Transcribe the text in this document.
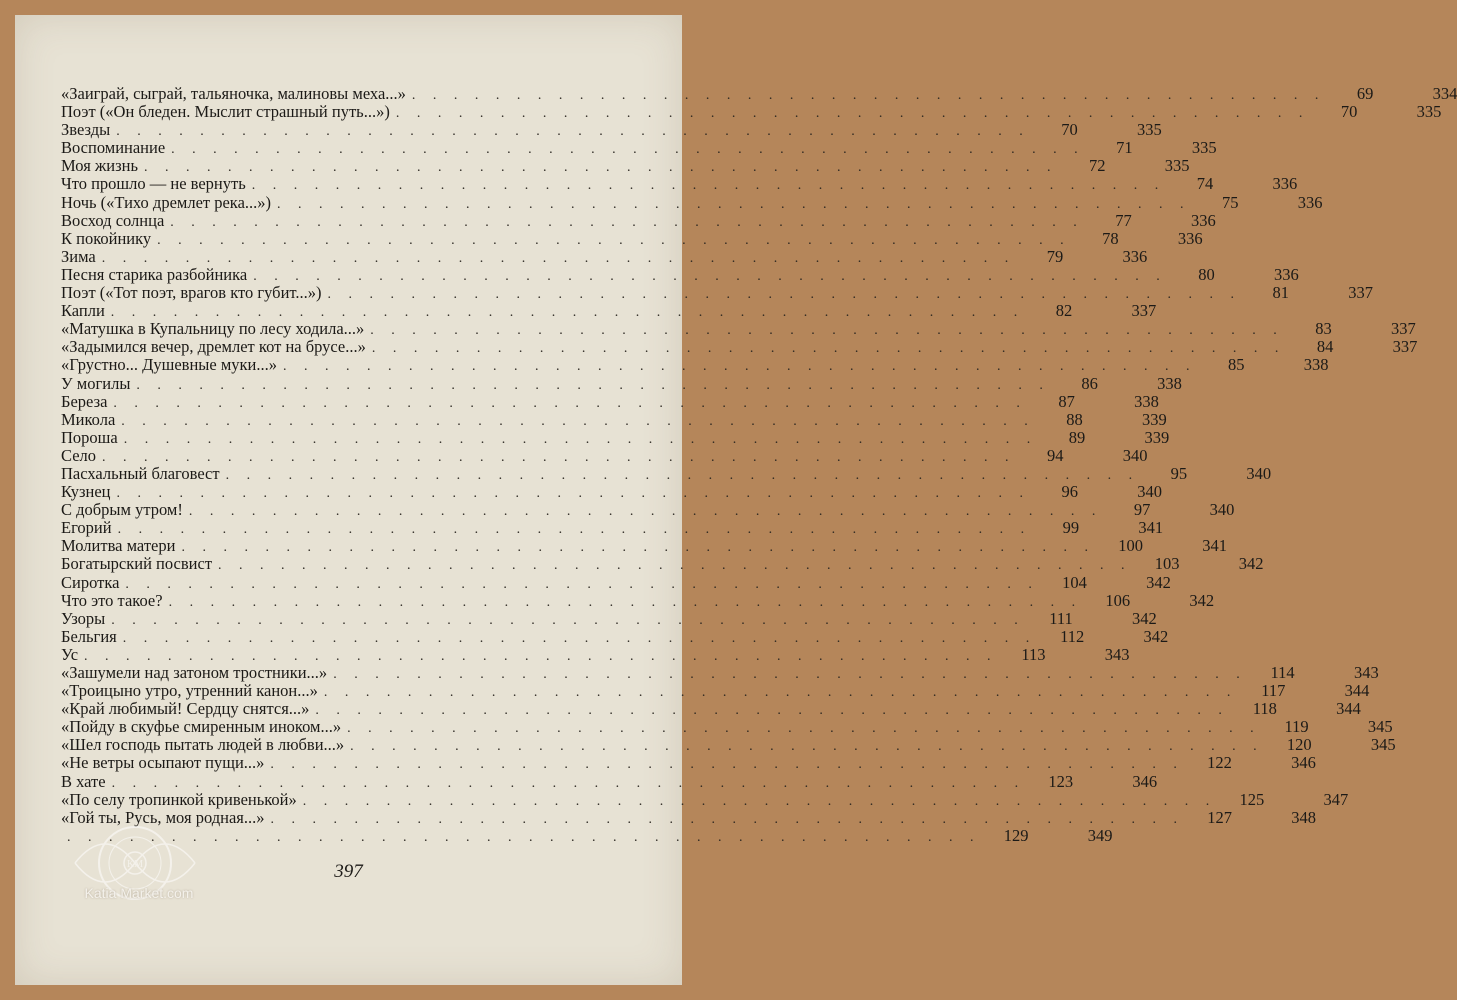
«Заиграй, сыграй, тальяночка, малиновы меха...» . . . . . . . . . . . . . . . . . . . . . . . . . . . . . . . . . . . . . . . . . . . .	69	334
Поэт («Он бледен. Мыслит страшный путь...») . . . . . . . . . . . . . . . . . . . . . . . . . . . . . . . . . . . . . . . . . . . .	70	335
Звезды . . . . . . . . . . . . . . . . . . . . . . . . . . . . . . . . . . . . . . . . . . . .	70	335
Воспоминание . . . . . . . . . . . . . . . . . . . . . . . . . . . . . . . . . . . . . . . . . . . .	71	335
Моя жизнь . . . . . . . . . . . . . . . . . . . . . . . . . . . . . . . . . . . . . . . . . . . .	72	335
Что прошло — не вернуть . . . . . . . . . . . . . . . . . . . . . . . . . . . . . . . . . . . . . . . . . . . .	74	336
Ночь («Тихо дремлет река...») . . . . . . . . . . . . . . . . . . . . . . . . . . . . . . . . . . . . . . . . . . . .	75	336
Восход солнца . . . . . . . . . . . . . . . . . . . . . . . . . . . . . . . . . . . . . . . . . . . .	77	336
К покойнику . . . . . . . . . . . . . . . . . . . . . . . . . . . . . . . . . . . . . . . . . . . .	78	336
Зима . . . . . . . . . . . . . . . . . . . . . . . . . . . . . . . . . . . . . . . . . . . .	79	336
Песня старика разбойника . . . . . . . . . . . . . . . . . . . . . . . . . . . . . . . . . . . . . . . . . . . .	80	336
Поэт («Тот поэт, врагов кто губит...») . . . . . . . . . . . . . . . . . . . . . . . . . . . . . . . . . . . . . . . . . . . .	81	337
Капли . . . . . . . . . . . . . . . . . . . . . . . . . . . . . . . . . . . . . . . . . . . .	82	337
«Матушка в Купальницу по лесу ходила...» . . . . . . . . . . . . . . . . . . . . . . . . . . . . . . . . . . . . . . . . . . . .	83	337
«Задымился вечер, дремлет кот на брусе...» . . . . . . . . . . . . . . . . . . . . . . . . . . . . . . . . . . . . . . . . . . . .	84	337
«Грустно... Душевные муки...» . . . . . . . . . . . . . . . . . . . . . . . . . . . . . . . . . . . . . . . . . . . .	85	338
У могилы . . . . . . . . . . . . . . . . . . . . . . . . . . . . . . . . . . . . . . . . . . . .	86	338
Береза . . . . . . . . . . . . . . . . . . . . . . . . . . . . . . . . . . . . . . . . . . . .	87	338
Микола . . . . . . . . . . . . . . . . . . . . . . . . . . . . . . . . . . . . . . . . . . . .	88	339
Пороша . . . . . . . . . . . . . . . . . . . . . . . . . . . . . . . . . . . . . . . . . . . .	89	339
Село . . . . . . . . . . . . . . . . . . . . . . . . . . . . . . . . . . . . . . . . . . . .	94	340
Пасхальный благовест . . . . . . . . . . . . . . . . . . . . . . . . . . . . . . . . . . . . . . . . . . . .	95	340
Кузнец . . . . . . . . . . . . . . . . . . . . . . . . . . . . . . . . . . . . . . . . . . . .	96	340
С добрым утром! . . . . . . . . . . . . . . . . . . . . . . . . . . . . . . . . . . . . . . . . . . . .	97	340
Егорий . . . . . . . . . . . . . . . . . . . . . . . . . . . . . . . . . . . . . . . . . . . .	99	341
Молитва матери . . . . . . . . . . . . . . . . . . . . . . . . . . . . . . . . . . . . . . . . . . . .	100	341
Богатырский посвист . . . . . . . . . . . . . . . . . . . . . . . . . . . . . . . . . . . . . . . . . . . .	103	342
Сиротка . . . . . . . . . . . . . . . . . . . . . . . . . . . . . . . . . . . . . . . . . . . .	104	342
Что это такое? . . . . . . . . . . . . . . . . . . . . . . . . . . . . . . . . . . . . . . . . . . . .	106	342
Узоры . . . . . . . . . . . . . . . . . . . . . . . . . . . . . . . . . . . . . . . . . . . .	111	342
Бельгия . . . . . . . . . . . . . . . . . . . . . . . . . . . . . . . . . . . . . . . . . . . .	112	342
Ус . . . . . . . . . . . . . . . . . . . . . . . . . . . . . . . . . . . . . . . . . . . .	113	343
«Зашумели над затоном тростники...» . . . . . . . . . . . . . . . . . . . . . . . . . . . . . . . . . . . . . . . . . . . .	114	343
«Троицыно утро, утренний канон...» . . . . . . . . . . . . . . . . . . . . . . . . . . . . . . . . . . . . . . . . . . . .	117	344
«Край любимый! Сердцу снятся...» . . . . . . . . . . . . . . . . . . . . . . . . . . . . . . . . . . . . . . . . . . . .	118	344
«Пойду в скуфье смиренным иноком...» . . . . . . . . . . . . . . . . . . . . . . . . . . . . . . . . . . . . . . . . . . . .	119	345
«Шел господь пытать людей в любви...» . . . . . . . . . . . . . . . . . . . . . . . . . . . . . . . . . . . . . . . . . . . .	120	345
«Не ветры осыпают пущи...» . . . . . . . . . . . . . . . . . . . . . . . . . . . . . . . . . . . . . . . . . . . .	122	346
В хате . . . . . . . . . . . . . . . . . . . . . . . . . . . . . . . . . . . . . . . . . . . .	123	346
«По селу тропинкой кривенькой» . . . . . . . . . . . . . . . . . . . . . . . . . . . . . . . . . . . . . . . . . . . .	125	347
«Гой ты, Русь, моя родная...» . . . . . . . . . . . . . . . . . . . . . . . . . . . . . . . . . . . . . . . . . . . .	127	348
. . . . . . . . . . . . . . . . . . . . . . . . . . . . . . . . . . . . . . . . . . . .	129	349
397
KM
Katia Market.com
